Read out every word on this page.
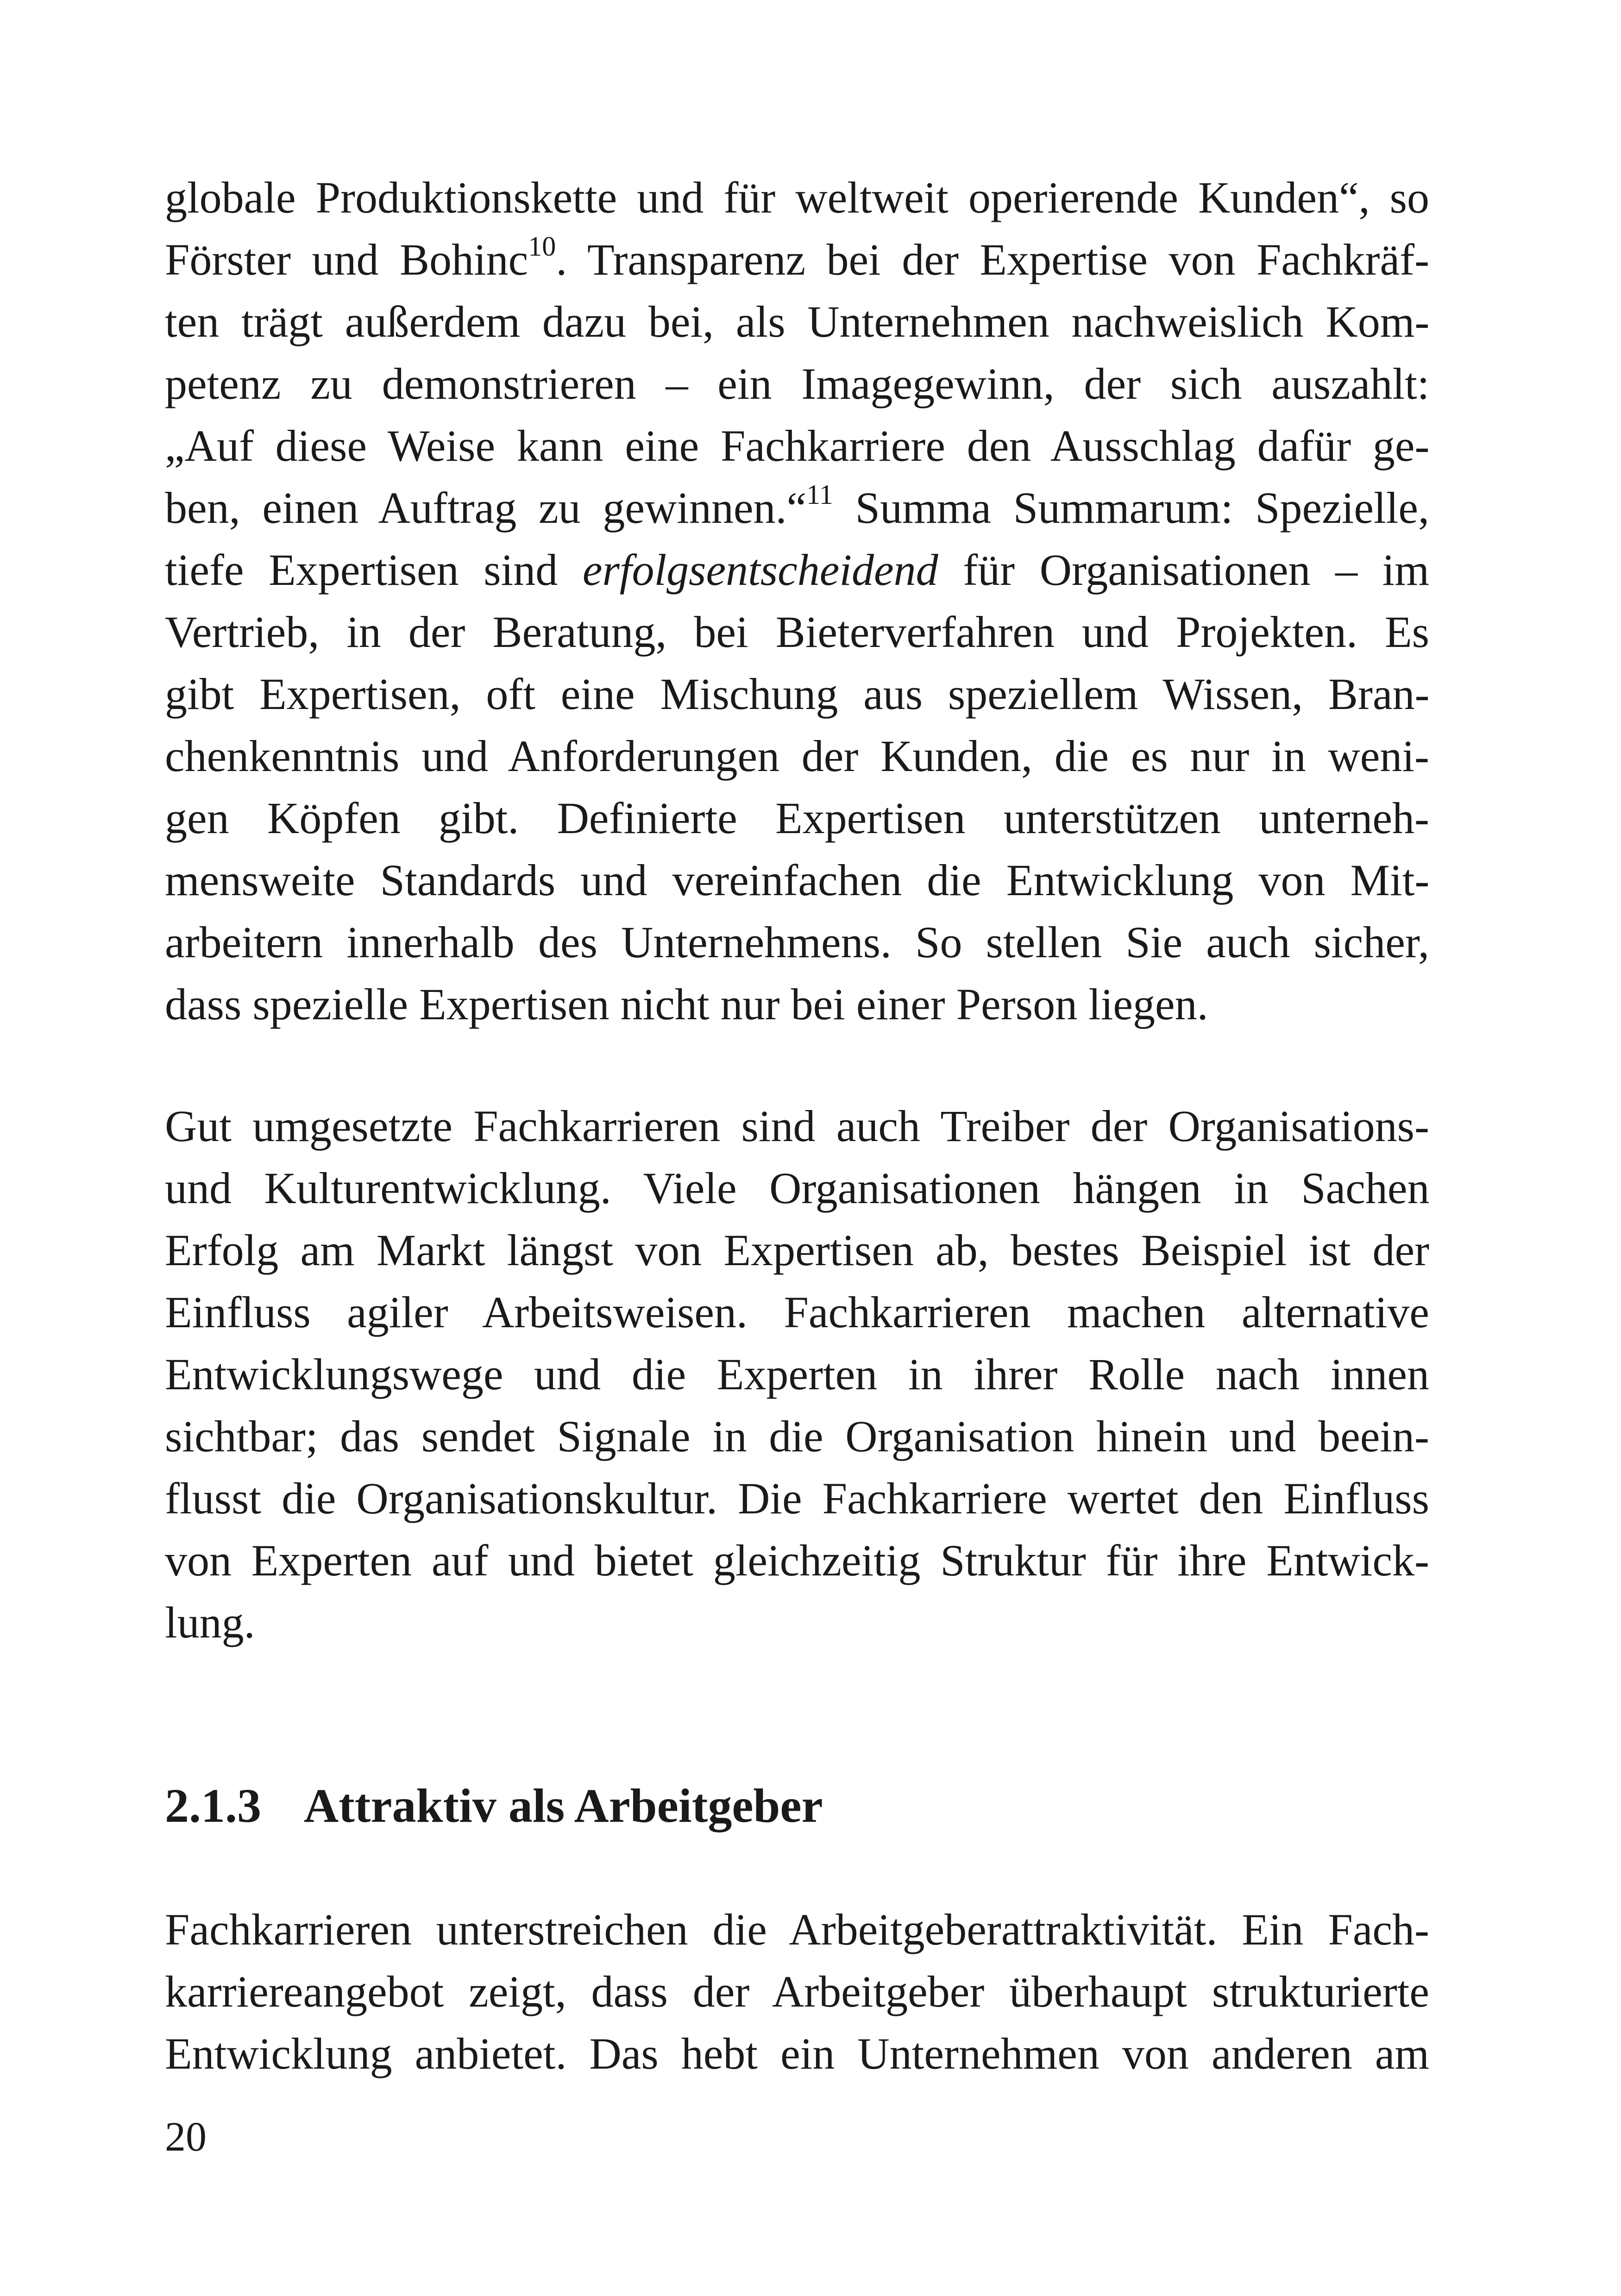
globale Produktionskette und für weltweit operierende Kunden“, so
Förster und Bohinc$^{10}$. Transparenz bei der Expertise von Fachkräf-
ten trägt außerdem dazu bei, als Unternehmen nachweislich Kom-
petenz zu demonstrieren – ein Imagegewinn, der sich auszahlt:
„Auf diese Weise kann eine Fachkarriere den Ausschlag dafür ge-
ben, einen Auftrag zu gewinnen.“$^{11}$ Summa Summarum: Spezielle,
tiefe Expertisen sind erfolgsentscheidend für Organisationen – im
Vertrieb, in der Beratung, bei Bieterverfahren und Projekten. Es
gibt Expertisen, oft eine Mischung aus speziellem Wissen, Bran-
chenkenntnis und Anforderungen der Kunden, die es nur in weni-
gen Köpfen gibt. Definierte Expertisen unterstützen unterneh-
mensweite Standards und vereinfachen die Entwicklung von Mit-
arbeitern innerhalb des Unternehmens. So stellen Sie auch sicher,
dass spezielle Expertisen nicht nur bei einer Person liegen.
Gut umgesetzte Fachkarrieren sind auch Treiber der Organisations-
und Kulturentwicklung. Viele Organisationen hängen in Sachen
Erfolg am Markt längst von Expertisen ab, bestes Beispiel ist der
Einfluss agiler Arbeitsweisen. Fachkarrieren machen alternative
Entwicklungswege und die Experten in ihrer Rolle nach innen
sichtbar; das sendet Signale in die Organisation hinein und beein-
flusst die Organisationskultur. Die Fachkarriere wertet den Einfluss
von Experten auf und bietet gleichzeitig Struktur für ihre Entwick-
lung.
2.1.3 Attraktiv als Arbeitgeber
Fachkarrieren unterstreichen die Arbeitgeberattraktivität. Ein Fach-
karriereangebot zeigt, dass der Arbeitgeber überhaupt strukturierte
Entwicklung anbietet. Das hebt ein Unternehmen von anderen am
20
